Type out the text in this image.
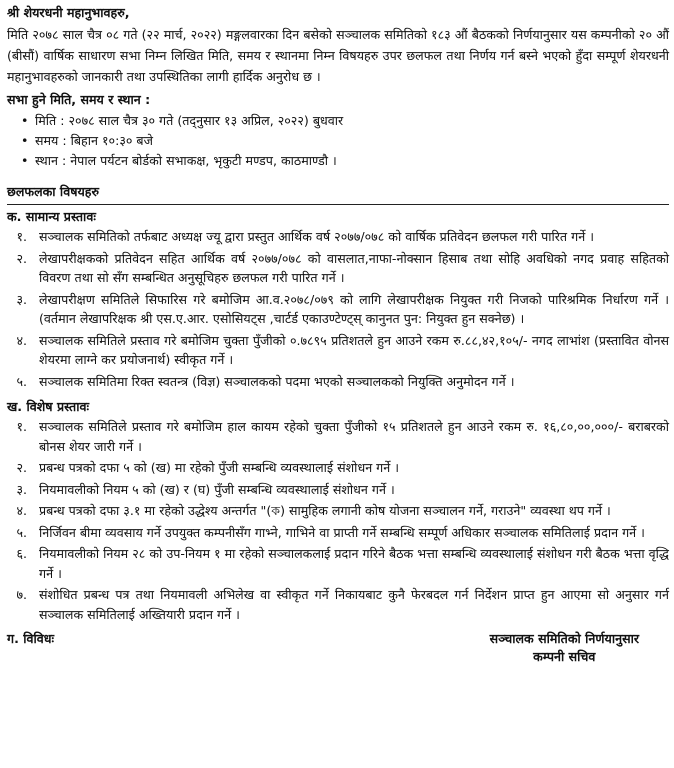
श्री शेयरधनी महानुभावहरु,
मिति २०७८ साल चैत्र ०८ गते (२२ मार्च, २०२२) मङ्गलवारका दिन बसेको सञ्चालक समितिको १८३ औं बैठकको निर्णयानुसार यस कम्पनीको २० औं (बीसौं) वार्षिक साधारण सभा निम्न लिखित मिति, समय र स्थानमा निम्न विषयहरु उपर छलफल तथा निर्णय गर्न बस्ने भएको हुँदा सम्पूर्ण शेयरधनी महानुभावहरुको जानकारी तथा उपस्थितिका लागी हार्दिक अनुरोध छ ।
सभा हुने मिति, समय र स्थान :
• मिति : २०७८ साल चैत्र ३० गते (तद्नुसार १३ अप्रिल, २०२२) बुधवार
• समय : बिहान १०:३० बजे
• स्थान : नेपाल पर्यटन बोर्डको सभाकक्ष, भृकुटी मण्डप, काठमाण्डौ ।
छलफलका विषयहरु
क. सामान्य प्रस्तावः
१. सञ्चालक समितिको तर्फबाट अध्यक्ष ज्यू द्वारा प्रस्तुत आर्थिक वर्ष २०७७/०७८ को वार्षिक प्रतिवेदन छलफल गरी पारित गर्ने ।
२. लेखापरीक्षकको प्रतिवेदन सहित आर्थिक वर्ष २०७७/०७८ को वासलात,नाफा-नोक्सान हिसाब तथा सोहि अवधिको नगद प्रवाह सहितको विवरण तथा सो सँग सम्बन्धित अनुसूचिहरु छलफल गरी पारित गर्ने ।
३. लेखापरीक्षण समितिले सिफारिस गरे बमोजिम आ.व.२०७८/०७९ को लागि लेखापरीक्षक नियुक्त गरी निजको पारिश्रमिक निर्धारण गर्ने । (वर्तमान लेखापरिक्षक श्री एस.ए.आर. एसोसियट्स ,चार्टर्ड एकाउण्टेण्ट्स् कानुनत पुन: नियुक्त हुन सक्नेछ) ।
४. सञ्चालक समितिले प्रस्ताव गरे बमोजिम चुक्ता पुँजीको ०.७८९५ प्रतिशतले हुन आउने रकम रु.८८,४२,१०५/- नगद लाभांश (प्रस्तावित वोनस शेयरमा लाग्ने कर प्रयोजनार्थ) स्वीकृत गर्ने ।
५. सञ्चालक समितिमा रिक्त स्वतन्त्र (विज्ञ) सञ्चालकको पदमा भएको सञ्चालकको नियुक्ति अनुमोदन गर्ने ।
ख. विशेष प्रस्तावः
१. सञ्चालक समितिले प्रस्ताव गरे बमोजिम हाल कायम रहेको चुक्ता पुँजीको १५ प्रतिशतले हुन आउने रकम रु. १६,८०,००,०००/- बराबरको बोनस शेयर जारी गर्ने ।
२. प्रबन्ध पत्रको दफा ५ को (ख) मा रहेको पुँजी सम्बन्धि व्यवस्थालाई संशोधन गर्ने ।
३. नियमावलीको नियम ५ को (ख) र (घ) पुँजी सम्बन्धि व्यवस्थालाई संशोधन गर्ने ।
४. प्रबन्ध पत्रको दफा ३.१ मा रहेको उद्धेश्य अन्तर्गत "(ক) सामुहिक लगानी कोष योजना सञ्चालन गर्ने, गराउने" व्यवस्था थप गर्ने ।
५. निर्जिवन बीमा व्यवसाय गर्ने उपयुक्त कम्पनीसँग गाभ्ने, गाभिने वा प्राप्ती गर्ने सम्बन्धि सम्पूर्ण अधिकार सञ्चालक समितिलाई प्रदान गर्ने ।
६. नियमावलीको नियम २८ को उप-नियम १ मा रहेको सञ्चालकलाई प्रदान गरिने बैठक भत्ता सम्बन्धि व्यवस्थालाई संशोधन गरी बैठक भत्ता वृद्धि गर्ने ।
७. संशोधित प्रबन्ध पत्र तथा नियमावली अभिलेख वा स्वीकृत गर्ने निकायबाट कुनै फेरबदल गर्न निर्देशन प्राप्त हुन आएमा सो अनुसार गर्न सञ्चालक समितिलाई अख्तियारी प्रदान गर्ने ।
ग. विविधः	सञ्चालक समितिको निर्णयानुसार
कम्पनी सचिव
